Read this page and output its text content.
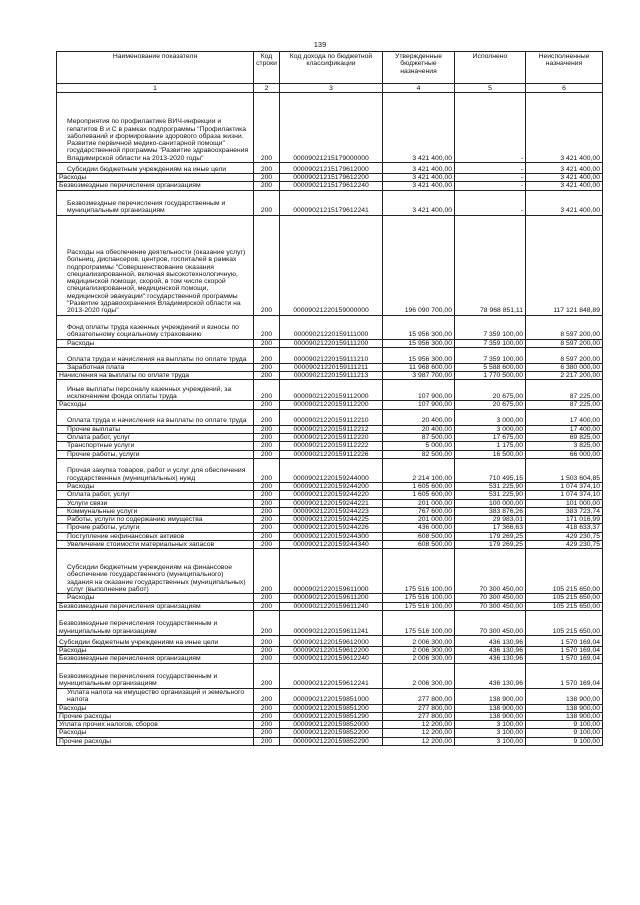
139
Наименование показателя	Код строки	Код дохода по бюджетной классификации	Утвержденные бюджетные назначения	Исполнено	Неисполненные назначения
1	2	3	4	5	6
Мероприятия по профилактике ВИЧ-инфекции и гепатитов B и C в рамках подпрограммы "Профилактика заболеваний и формирование здорового образа жизни. Развитие первичной медико-санитарной помощи" государственной программы "Развитие здравоохранения Владимирской области на 2013-2020 годы"	200	00009021215179000000	3 421 400,00	-	3 421 400,00
Субсидии бюджетным учреждениям на иные цели	200	00009021215179612000	3 421 400,00	-	3 421 400,00
Расходы	200	00009021215179612200	3 421 400,00	-	3 421 400,00
Безвозмездные перечисления организациям	200	00009021215179612240	3 421 400,00	-	3 421 400,00
Безвозмездные перечисления государственным и муниципальным организациям	200	00009021215179612241	3 421 400,00	-	3 421 400,00
Расходы на обеспечение деятельности (оказание услуг) больниц, диспансеров, центров, госпиталей в рамках подпрограммы "Совершенствование оказания специализированной, включая высокотехнологичную, медицинской помощи, скорой, в том числе скорой специализированной, медицинской помощи, медицинской эвакуации" государственной программы "Развитие здравоохранения Владимирской области на 2013-2020 годы"	200	00009021220159000000	196 090 700,00	78 968 851,11	117 121 848,89
Фонд оплаты труда казенных учреждений и взносы по обязательному социальному страхованию	200	00009021220159111000	15 956 300,00	7 359 100,00	8 597 200,00
Расходы	200	00009021220159111200	15 956 300,00	7 359 100,00	8 597 200,00
Оплата труда и начисления на выплаты по оплате труда	200	00009021220159111210	15 956 300,00	7 359 100,00	8 597 200,00
Заработная плата	200	00009021220159111211	11 968 600,00	5 588 600,00	6 380 000,00
Начисления на выплаты по оплате труда	200	00009021220159111213	3 987 700,00	1 770 500,00	2 217 200,00
Иные выплаты персоналу казенных учреждений, за исключением фонда оплаты труда	200	00009021220159112000	107 900,00	20 675,00	87 225,00
Расходы	200	00009021220159112200	107 900,00	20 675,00	87 225,00
Оплата труда и начисления на выплаты по оплате труда	200	00009021220159112210	20 400,00	3 000,00	17 400,00
Прочие выплаты	200	00009021220159112212	20 400,00	3 000,00	17 400,00
Оплата работ, услуг	200	00009021220159112220	87 500,00	17 675,00	69 825,00
Транспортные услуги	200	00009021220159112222	5 000,00	1 175,00	3 825,00
Прочие работы, услуги	200	00009021220159112226	82 500,00	16 500,00	66 000,00
Прочая закупка товаров, работ и услуг для обеспечения государственных (муниципальных) нужд	200	00009021220159244000	2 214 100,00	710 495,15	1 503 604,85
Расходы	200	00009021220159244200	1 605 600,00	531 225,90	1 074 374,10
Оплата работ, услуг	200	00009021220159244220	1 605 600,00	531 225,90	1 074 374,10
Услуги связи	200	00009021220159244221	201 000,00	100 000,00	101 000,00
Коммунальные услуги	200	00009021220159244223	767 600,00	383 876,26	383 723,74
Работы, услуги по содержанию имущества	200	00009021220159244225	201 000,00	29 983,01	171 016,99
Прочие работы, услуги	200	00009021220159244226	436 000,00	17 366,63	418 633,37
Поступление нефинансовых активов	200	00009021220159244300	608 500,00	179 269,25	429 230,75
Увеличение стоимости материальных запасов	200	00009021220159244340	608 500,00	179 269,25	429 230,75
Субсидии бюджетным учреждениям на финансовое обеспечение государственного (муниципального) задания на оказание государственных (муниципальных) услуг (выполнение работ)	200	00009021220159611000	175 516 100,00	70 300 450,00	105 215 650,00
Расходы	200	00009021220159611200	175 516 100,00	70 300 450,00	105 215 650,00
Безвозмездные перечисления организациям	200	00009021220159611240	175 516 100,00	70 300 450,00	105 215 650,00
Безвозмездные перечисления государственным и муниципальным организациям	200	00009021220159611241	175 516 100,00	70 300 450,00	105 215 650,00
Субсидии бюджетным учреждениям на иные цели	200	00009021220159612000	2 006 300,00	436 130,96	1 570 169,04
Расходы	200	00009021220159612200	2 006 300,00	436 130,96	1 570 169,04
Безвозмездные перечисления организациям	200	00009021220159612240	2 006 300,00	436 130,96	1 570 169,04
Безвозмездные перечисления государственным и муниципальным организациям	200	00009021220159612241	2 006 300,00	436 130,96	1 570 169,04
Уплата налога на имущество организаций и земельного налога	200	00009021220159851000	277 800,00	138 900,00	138 900,00
Расходы	200	00009021220159851200	277 800,00	138 900,00	138 900,00
Прочие расходы	200	00009021220159851290	277 800,00	138 900,00	138 900,00
Уплата прочих налогов, сборов	200	00009021220159852000	12 200,00	3 100,00	9 100,00
Расходы	200	00009021220159852200	12 200,00	3 100,00	9 100,00
Прочие расходы	200	00009021220159852290	12 200,00	3 100,00	9 100,00
